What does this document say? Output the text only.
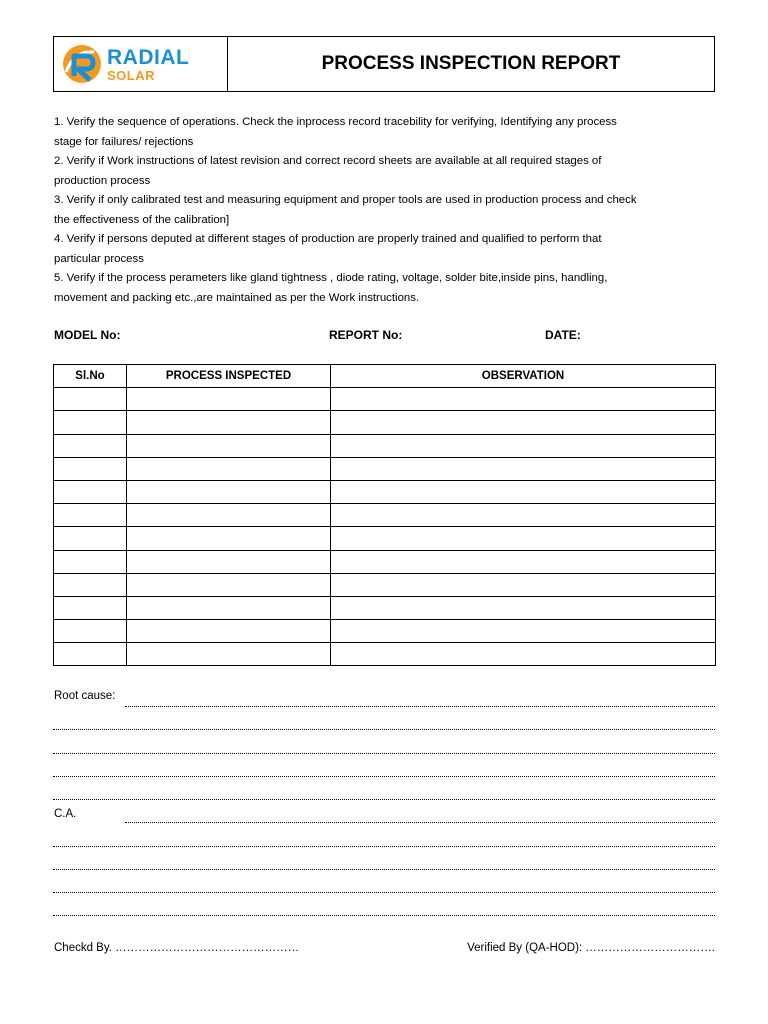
RADIAL
SOLAR
PROCESS INSPECTION REPORT

1. Verify the sequence of operations. Check the inprocess record tracebility for verifying, Identifying any process

stage for failures/ rejections

2. Verify if Work instructions of latest revision and correct record sheets are available at all required stages of

production process

3. Verify if only calibrated test and measuring equipment and proper tools are used in production process and check

the effectiveness of the calibration]

4. Verify if persons deputed at different stages of production are properly trained and qualified to perform that

particular process

5. Verify if the process perameters like gland tightness , diode rating, voltage, solder bite,inside pins, handling,

movement and packing etc.,are maintained as per the Work instructions.

MODEL No:	REPORT No:	DATE:
Sl.No	PROCESS INSPECTED	OBSERVATION

Root cause:
C.A.
Checkd By. …………………………………………	Verified By (QA-HOD): …………………………….
